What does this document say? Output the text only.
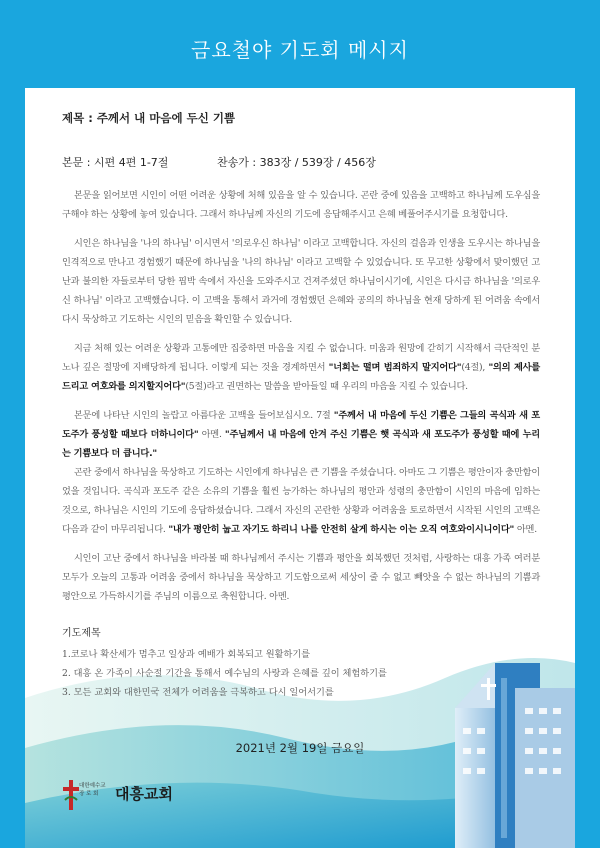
금요철야 기도회 메시지
제목 : 주께서 내 마음에 두신 기쁨
본문 : 시편 4편 1-7절	찬송가 : 383장 / 539장 / 456장

본문을 읽어보면 시인이 어떤 어려운 상황에 처해 있음을 알 수 있습니다. 곤란 중에 있음을 고백하고 하나님께 도우심을 구해야 하는 상황에 놓여 있습니다. 그래서 하나님께 자신의 기도에 응답해주시고 은혜 베풀어주시기를 요청합니다.

시인은 하나님을 '나의 하나님' 이시면서 '의로우신 하나님' 이라고 고백합니다. 자신의 걸음과 인생을 도우시는 하나님을 인격적으로 만나고 경험했기 때문에 하나님을 '나의 하나님' 이라고 고백할 수 있었습니다. 또 무고한 상황에서 맞이했던 고난과 불의한 자들로부터 당한 핍박 속에서 자신을 도와주시고 건져주셨던 하나님이시기에, 시인은 다시금 하나님을 '의로우신 하나님' 이라고 고백했습니다. 이 고백을 통해서 과거에 경험했던 은혜와 공의의 하나님을 현재 당하게 된 어려움 속에서 다시 묵상하고 기도하는 시인의 믿음을 확인할 수 있습니다.

지금 처해 있는 어려운 상황과 고통에만 집중하면 마음을 지킬 수 없습니다. 미움과 원망에 갇히기 시작해서 극단적인 분노나 깊은 절망에 지배당하게 됩니다. 이렇게 되는 것을 경계하면서 "너희는 떨며 범죄하지 말지어다"(4절), "의의 제사를 드리고 여호와를 의지할지어다"(5절)라고 권면하는 말씀을 받아들일 때 우리의 마음을 지킬 수 있습니다.

본문에 나타난 시인의 놀랍고 아름다운 고백을 들어보십시오. 7절 "주께서 내 마음에 두신 기쁨은 그들의 곡식과 새 포도주가 풍성할 때보다 더하니이다" 아멘. "주님께서 내 마음에 안겨 주신 기쁨은 햇 곡식과 새 포도주가 풍성할 때에 누리는 기쁨보다 더 큽니다."

곤란 중에서 하나님을 묵상하고 기도하는 시인에게 하나님은 큰 기쁨을 주셨습니다. 아마도 그 기쁨은 평안이자 충만함이었을 것입니다. 곡식과 포도주 같은 소유의 기쁨을 훨씬 능가하는 하나님의 평안과 성령의 충만함이 시인의 마음에 임하는 것으로, 하나님은 시인의 기도에 응답하셨습니다. 그래서 자신의 곤란한 상황과 어려움을 토로하면서 시작된 시인의 고백은 다음과 같이 마무리됩니다. "내가 평안히 눕고 자기도 하리니 나를 안전히 살게 하시는 이는 오직 여호와이시니이다" 아멘.

시인이 고난 중에서 하나님을 바라볼 때 하나님께서 주시는 기쁨과 평안을 회복했던 것처럼, 사랑하는 대흥 가족 여러분 모두가 오늘의 고통과 어려움 중에서 하나님을 묵상하고 기도함으로써 세상이 줄 수 없고 빼앗을 수 없는 하나님의 기쁨과 평안으로 가득하시기를 주님의 이름으로 축원합니다. 아멘.

기도제목
1.코로나 확산세가 멈추고 일상과 예배가 회복되고 원활하기를
2. 대흥 온 가족이 사순절 기간을 통해서 예수님의 사랑과 은혜를 깊이 체험하기를
3. 모든 교회와 대한민국 전체가 어려움을 극복하고 다시 일어서기를
2021년 2월 19일 금요일
대한예수교
장 로 회	대흥교회
